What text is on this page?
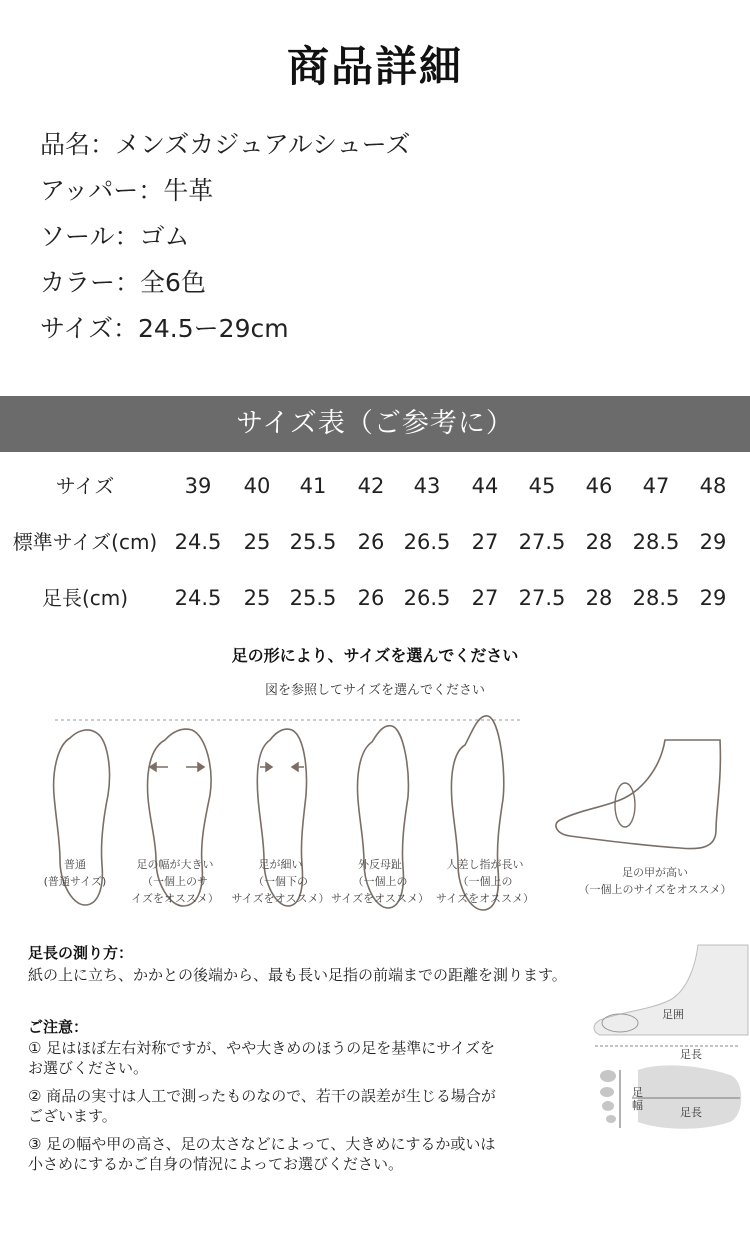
商品詳細
品名：メンズカジュアルシューズ
アッパー：牛革
ソール：ゴム
カラー：全6色
サイズ：24.5ー29cm
サイズ表（ご参考に）
サイズ	39	40	41	42	43	44	45	46	47	48
標準サイズ(cm) 24.5	25 25.5	26 26.5	27 27.5 28 28.5 29
足長(cm)	24.5	25 25.5	26 26.5	27 27.5 28 28.5 29
足の形により、サイズを選んでください
図を参照してサイズを選んでください
普通
(普通サイズ)
足の幅が大きい
（一個上のサ
イズをオススメ）
足が細い
（一個下の
サイズをオススメ）
外反母趾
（一個上の
サイズをオススメ）
人差し指が長い
（一個上の
サイズをオススメ）
足の甲が高い
（一個上のサイズをオススメ）
足長の測り方：
紙の上に立ち、かかとの後端から、最も長い足指の前端までの距離を測ります。
ご注意：
① 足はほぼ左右対称ですが、やや大きめのほうの足を基準にサイズを
お選びください。
② 商品の実寸は人工で測ったものなので、若干の誤差が生じる場合が
ございます。
③ 足の幅や甲の高さ、足の太さなどによって、大きめにするか或いは
小さめにするかご自身の情況によってお選びください。
足囲
足長
足幅
足長
